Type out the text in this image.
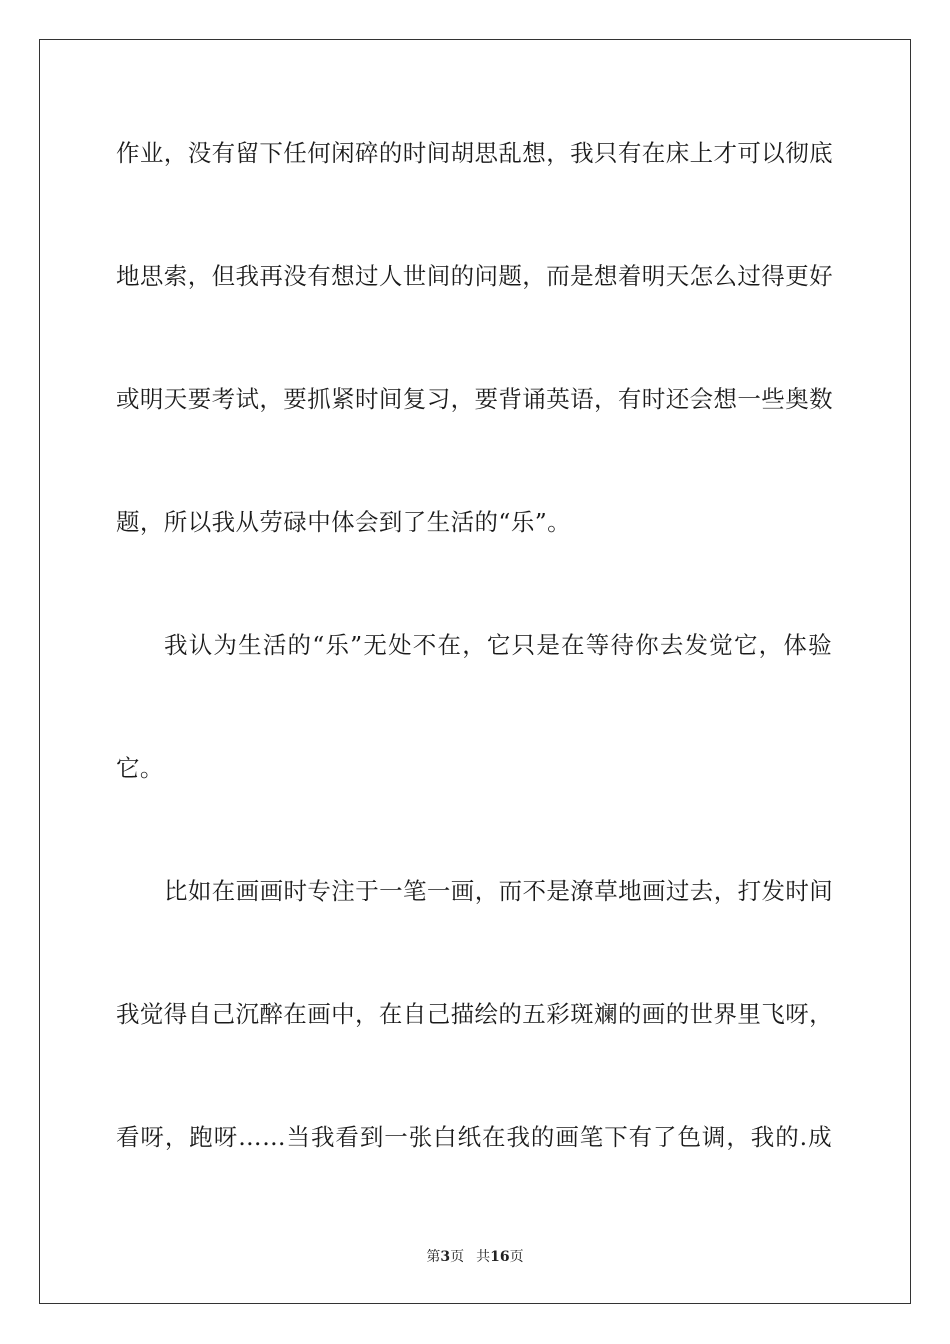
作业，没有留下任何闲碎的时间胡思乱想，我只有在床上才可以彻底
地思索，但我再没有想过人世间的问题，而是想着明天怎么过得更好
或明天要考试，要抓紧时间复习，要背诵英语，有时还会想一些奥数
题，所以我从劳碌中体会到了生活的“乐”。
我认为生活的“乐”无处不在，它只是在等待你去发觉它，体验
它。
比如在画画时专注于一笔一画，而不是潦草地画过去，打发时间
我觉得自己沉醉在画中，在自己描绘的五彩斑斓的画的世界里飞呀，
看呀，跑呀……当我看到一张白纸在我的画笔下有了色调，我的.成
第3页 共16页
